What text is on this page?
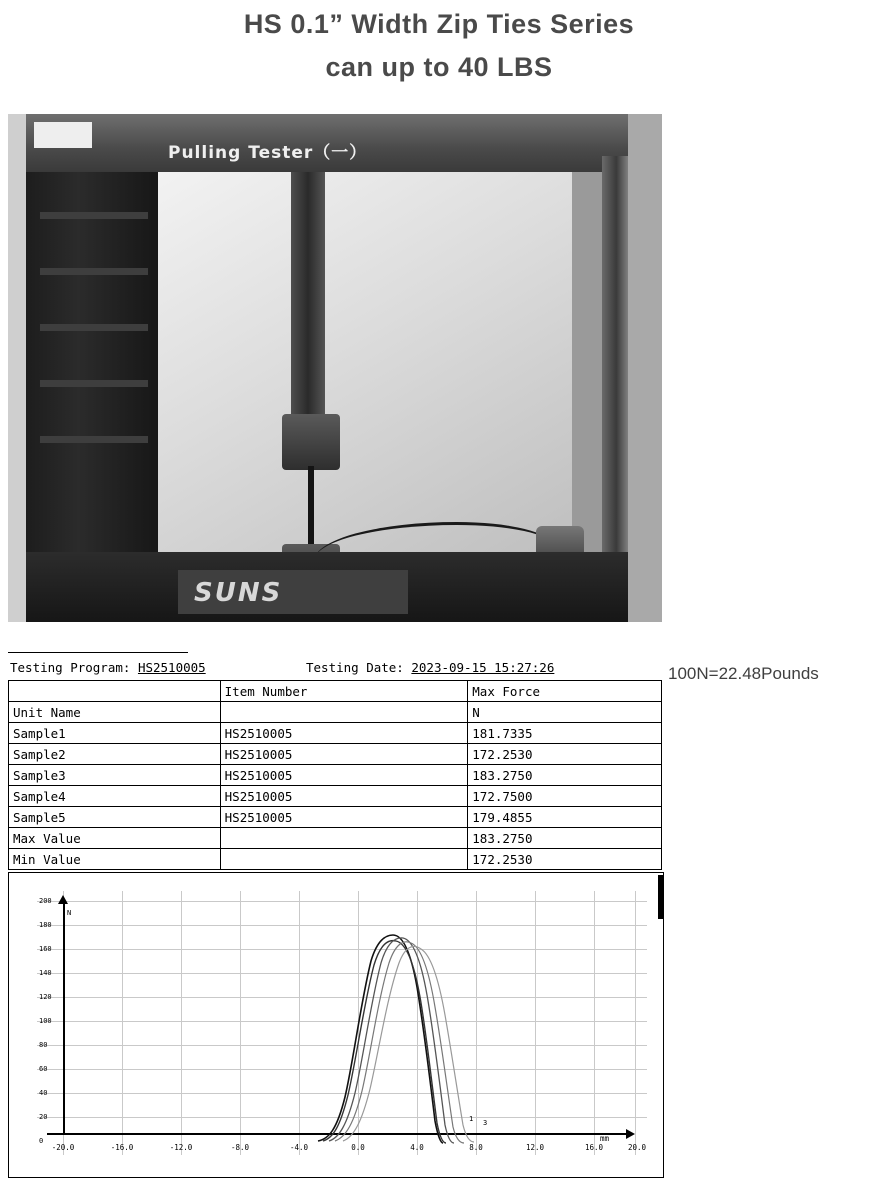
HS 0.1” Width Zip Ties Series
can up to 40 LBS
SUNS
Pulling Tester（一）
Testing Program: HS2510005	Testing Date: 2023-09-15 15:27:26
	Item Number	Max Force
Unit Name		N
Sample1	HS2510005	181.7335
Sample2	HS2510005	172.2530
Sample3	HS2510005	183.2750
Sample4	HS2510005	172.7500
Sample5	HS2510005	179.4855
Max Value		183.2750
Min Value		172.2530
100N=22.48Pounds
200
180
160
140
120
100
80
60
40
20
0
N
-20.0	-16.0	-12.0	-8.0	-4.0	0.0	4.0	8.0	12.0	16.0	20.0
mm
1 3
